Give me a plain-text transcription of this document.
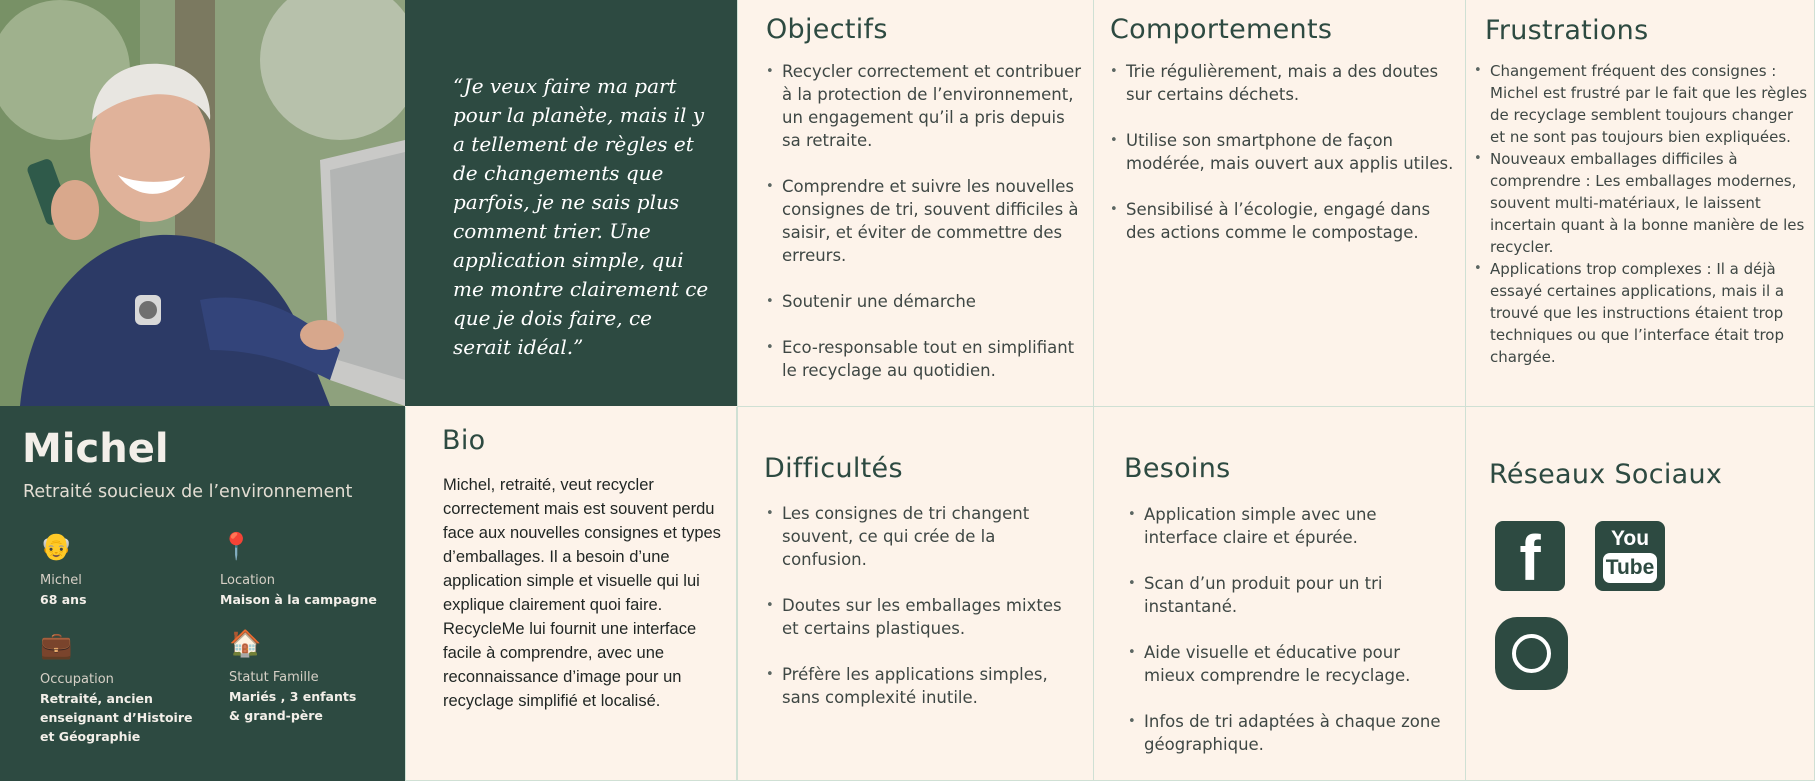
“Je veux faire ma part pour la planète, mais il y a tellement de règles et de changements que parfois, je ne sais plus comment trier. Une application simple, qui me montre clairement ce que je dois faire, ce serait idéal.”

Objectifs
• Recycler correctement et contribuer à la protection de l’environnement, un engagement qu’il a pris depuis sa retraite.
• Comprendre et suivre les nouvelles consignes de tri, souvent difficiles à saisir, et éviter de commettre des erreurs.
• Soutenir une démarche
• Eco-responsable tout en simplifiant le recyclage au quotidien.
Comportements
• Trie régulièrement, mais a des doutes sur certains déchets.
• Utilise son smartphone de façon modérée, mais ouvert aux applis utiles.
• Sensibilisé à l’écologie, engagé dans des actions comme le compostage.
Frustrations
• Changement fréquent des consignes : Michel est frustré par le fait que les règles de recyclage semblent toujours changer et ne sont pas toujours bien expliquées.
• Nouveaux emballages difficiles à comprendre : Les emballages modernes, souvent multi-matériaux, le laissent incertain quant à la bonne manière de les recycler.
• Applications trop complexes : Il a déjà essayé certaines applications, mais il a trouvé que les instructions étaient trop techniques ou que l’interface était trop chargée.
Michel
Retraité soucieux de l’environnement
👴
Michel
68 ans
📍
Location
Maison à la campagne
💼
Occupation
Retraité, ancien enseignant d’Histoire et Géographie
🏠
Statut Famille
Mariés , 3 enfants & grand-père
Bio

Michel, retraité, veut recycler correctement mais est souvent perdu face aux nouvelles consignes et types d’emballages. Il a besoin d’une application simple et visuelle qui lui explique clairement quoi faire. RecycleMe lui fournit une interface facile à comprendre, avec une reconnaissance d’image pour un recyclage simplifié et localisé.

Difficultés
• Les consignes de tri changent souvent, ce qui crée de la confusion.
• Doutes sur les emballages mixtes et certains plastiques.
• Préfère les applications simples, sans complexité inutile.
Besoins
• Application simple avec une interface claire et épurée.
• Scan d’un produit pour un tri instantané.
• Aide visuelle et éducative pour mieux comprendre le recyclage.
• Infos de tri adaptées à chaque zone géographique.
Réseaux Sociaux
f	You
Tube
